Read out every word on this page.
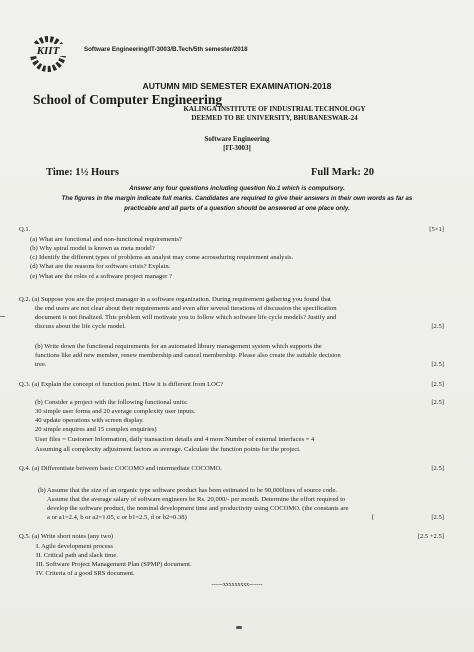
KIIT	Software Engineering/IT-3003/B.Tech/5th semester/2018
AUTUMN MID SEMESTER EXAMINATION-2018
School of Computer Engineering
KALINGA INSTITUTE OF INDUSTRIAL TECHNOLOGY
DEEMED TO BE UNIVERSITY, BHUBANESWAR-24
Software Engineering
[IT-3003]
Time: 1½ Hours	Full Mark: 20
Answer any four questions including question No.1 which is compulsory.
The figures in the margin indicate full marks. Candidates are required to give their answers in their own words as far as
practicable and all parts of a question should be answered at one place only.
Q.1.	[5×1]
(a) What are functional and non-functional requirements?
(b) Why spiral model is known as meta model?
(c) Identify the different types of problems an analyst may come acrossduring requirement analysis.
(d) What are the reasons for software crisis? Explain.
(e) What are the roles of a software project manager ?
Q.2. (a) Suppose you are the project manager in a software organization. During requirement gathering you found that
the end users are not clear about their requirements and even after several iterations of discussion the specification
document is not finalized. This problem will motivate you to follow which software life cycle models? Justify and
discuss about the life cycle model.	[2.5]
(b) Write down the functional requirements for an automated library management system which supports the
functions like add new member, renew membership and cancel membership. Please also create the suitable decision
tree.	[2.5]
Q.3. (a) Explain the concept of function point. How it is different from LOC?	[2.5]
(b) Consider a project with the following functional units:	[2.5]
30 simple user forms and 20 average complexity user inputs.
40 update operations with screen display.
20 simple enquires and 15 complex enquiries)
User files = Customer Information, daily transaction details and 4 more.Number of external interfaces = 4
Assuming all complexity adjustment factors as average. Calculate the function points for the project.
Q.4. (a) Differentiate between basic COCOMO and intermediate COCOMO.	[2.5]
(b) Assume that the size of an organic type software product has been estimated to be 90,000lines of source code.
Assume that the average salary of software engineers be Rs. 20,000/- per month. Determine the effort required to
develop the software product, the nominal development time and productivity using COCOMO. (the constants are
a or a1=2.4, b or a2=1.05, c or b1=2.5, d or b2=0.38)	[	[2.5]
Q.5. (a) Write short notes (any two)	[2.5 +2.5]
I. Agile development process
II. Critical path and slack time.
III. Software Project Management Plan (SPMP) document.
IV. Criteria of a good SRS document.
------xxxxxxxxx-------
